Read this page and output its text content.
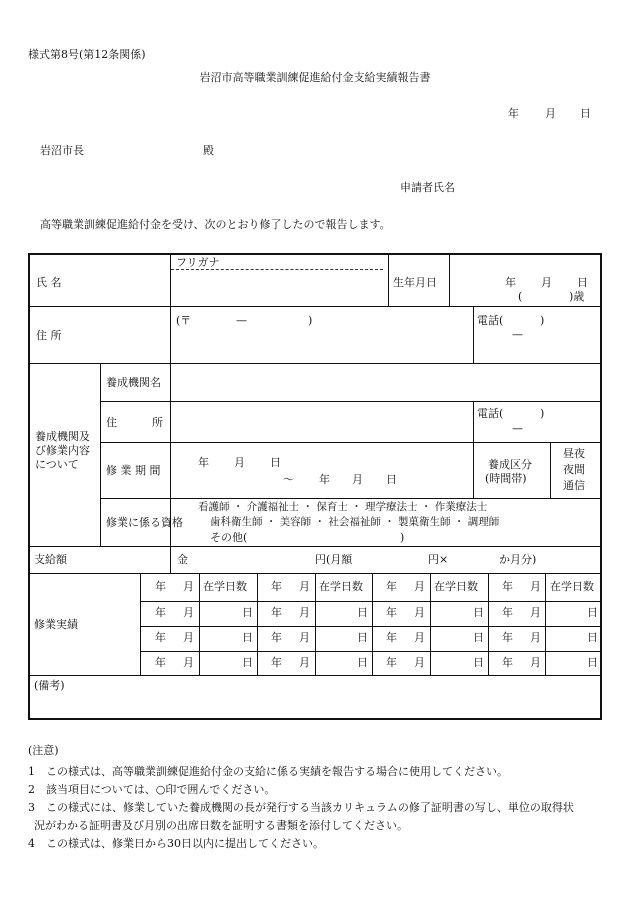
様式第8号(第12条関係)
岩沼市高等職業訓練促進給付金支給実績報告書
年 月 日
岩沼市長	殿
申請者氏名
高等職業訓練促進給付金を受け、次のとおり修了したので報告します。
氏 名
フリガナ
生年月日	年 月 日
(	)歳
住 所
(〒	—	)	電話(	)
—
養成機関及
び修業内容
について
養成機関名
住	所
電話(	)
—
修 業 期 間
年 月 日
～ 年 月 日
養成区分
(時間帯)
昼夜
夜間
通信
修業に係る資格
看護師 ・ 介護福祉士 ・ 保育士 ・ 理学療法士 ・ 作業療法士
歯科衛生師 ・ 美容師 ・ 社会福祉師 ・ 製菓衛生師 ・ 調理師
その他(	)
支給額	金	円(月額	円×	か月分)
修業実績
年 月 在学日数 年 月 在学日数 年 月 在学日数 年 月 在学日数
年 月	日 年 月	日 年 月	日 年 月	日
年 月	日 年 月	日 年 月	日 年 月	日
年 月	日 年 月	日 年 月	日 年 月	日
(備考)
(注意)
1 この様式は、高等職業訓練促進給付金の支給に係る実績を報告する場合に使用してください。
2 該当項目については、○印で囲んでください。
3 この様式には、修業していた養成機関の長が発行する当該カリキュラムの修了証明書の写し、単位の取得状
況がわかる証明書及び月別の出席日数を証明する書類を添付してください。
4 この様式は、修業日から30日以内に提出してください。
